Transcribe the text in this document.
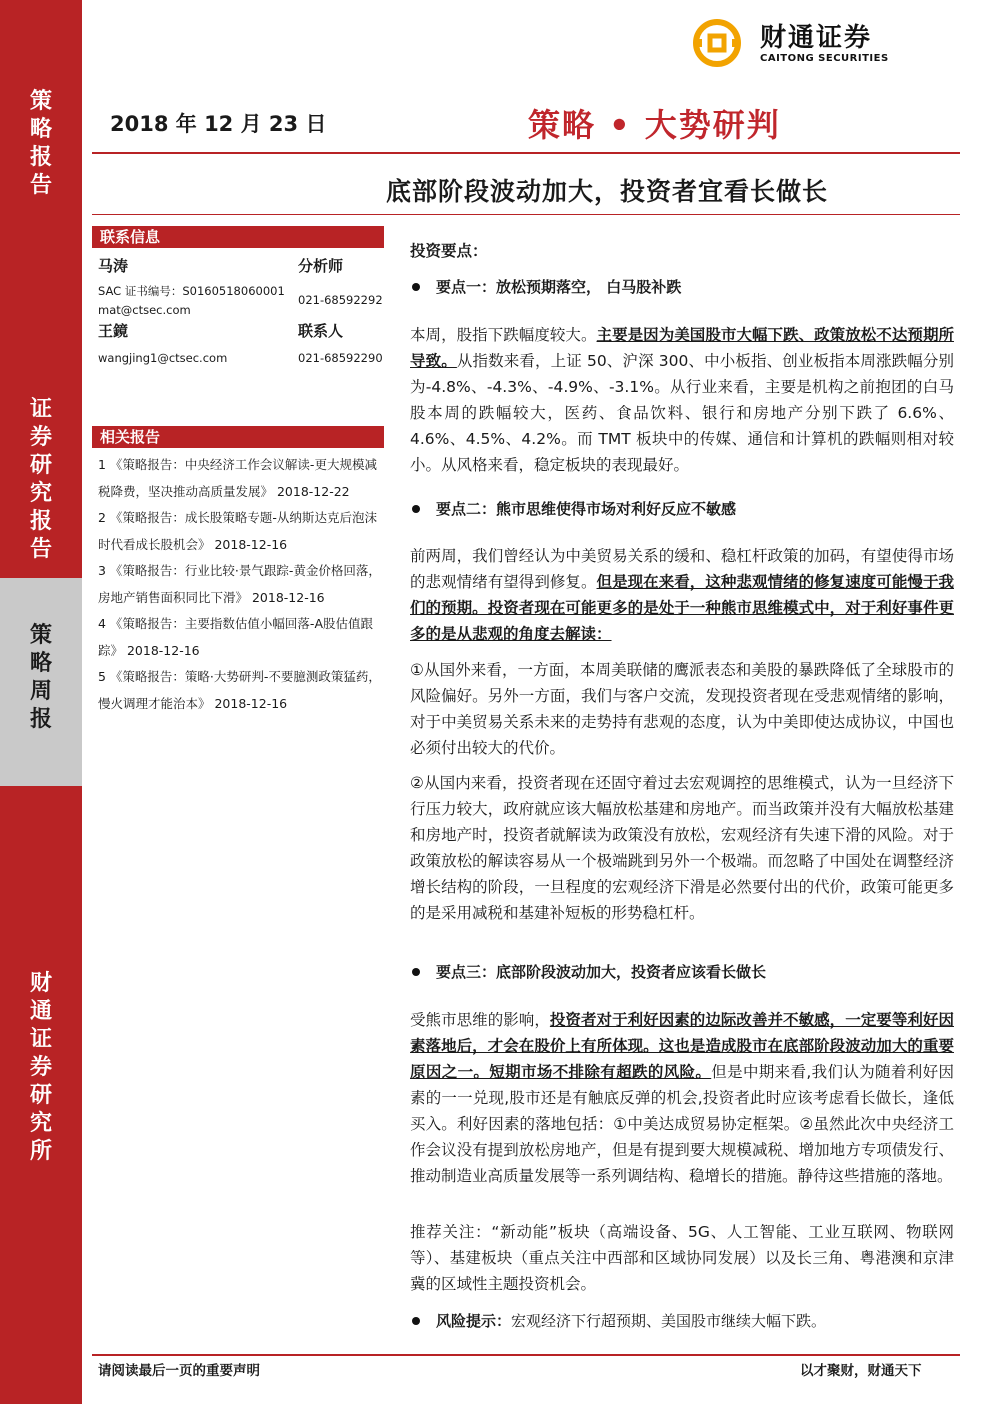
策
略
报
告
证
券
研
究
报
告
策
略
周
报
财
通
证
券
研
究
所
财通证券
CAITONG SECURITIES
2018 年 12 月 23 日	策略 • 大势研判
底部阶段波动加大，投资者宜看长做长
联系信息
马涛	分析师
SAC 证书编号：S0160518060001
mat@ctsec.com
021-68592292
王鏡	联系人
wangjing1@ctsec.com	021-68592290
相关报告
1 《策略报告：中央经济工作会议解读-更大规模减税降费，坚决推动高质量发展》 2018-12-22
2 《策略报告：成长股策略专题-从纳斯达克后泡沫时代看成长股机会》 2018-12-16
3 《策略报告：行业比较·景气跟踪-黄金价格回落，房地产销售面积同比下滑》 2018-12-16
4 《策略报告：主要指数估值小幅回落-A股估值跟踪》 2018-12-16
5 《策略报告：策略·大势研判-不要臆测政策猛药，慢火调理才能治本》 2018-12-16
投资要点：
要点一：放松预期落空， 白马股补跌

本周，股指下跌幅度较大。主要是因为美国股市大幅下跌、政策放松不达预期所导致。从指数来看，上证 50、沪深 300、中小板指、创业板指本周涨跌幅分别为-4.8%、-4.3%、-4.9%、-3.1%。从行业来看，主要是机构之前抱团的白马股本周的跌幅较大，医药、食品饮料、银行和房地产分别下跌了 6.6%、4.6%、4.5%、4.2%。而 TMT 板块中的传媒、通信和计算机的跌幅则相对较小。从风格来看，稳定板块的表现最好。

要点二：熊市思维使得市场对利好反应不敏感

前两周，我们曾经认为中美贸易关系的缓和、稳杠杆政策的加码，有望使得市场的悲观情绪有望得到修复。但是现在来看，这种悲观情绪的修复速度可能慢于我们的预期。投资者现在可能更多的是处于一种熊市思维模式中，对于利好事件更多的是从悲观的角度去解读：

①从国外来看，一方面，本周美联储的鹰派表态和美股的暴跌降低了全球股市的风险偏好。另外一方面，我们与客户交流，发现投资者现在受悲观情绪的影响，对于中美贸易关系未来的走势持有悲观的态度，认为中美即使达成协议，中国也必须付出较大的代价。
②从国内来看，投资者现在还固守着过去宏观调控的思维模式，认为一旦经济下行压力较大，政府就应该大幅放松基建和房地产。而当政策并没有大幅放松基建和房地产时，投资者就解读为政策没有放松，宏观经济有失速下滑的风险。对于政策放松的解读容易从一个极端跳到另外一个极端。而忽略了中国处在调整经济增长结构的阶段，一旦程度的宏观经济下滑是必然要付出的代价，政策可能更多的是采用减税和基建补短板的形势稳杠杆。
要点三：底部阶段波动加大，投资者应该看长做长

受熊市思维的影响，投资者对于利好因素的边际改善并不敏感，一定要等利好因素落地后，才会在股价上有所体现。这也是造成股市在底部阶段波动加大的重要原因之一。短期市场不排除有超跌的风险。但是中期来看,我们认为随着利好因素的一一兑现,股市还是有触底反弹的机会,投资者此时应该考虑看长做长，逢低买入。利好因素的落地包括：①中美达成贸易协定框架。②虽然此次中央经济工作会议没有提到放松房地产，但是有提到要大规模减税、增加地方专项债发行、推动制造业高质量发展等一系列调结构、稳增长的措施。静待这些措施的落地。

推荐关注：“新动能”板块（高端设备、5G、人工智能、工业互联网、物联网等）、基建板块（重点关注中西部和区域协同发展）以及长三角、粤港澳和京津冀的区域性主题投资机会。
风险提示： 宏观经济下行超预期、美国股市继续大幅下跌。
请阅读最后一页的重要声明	以才聚财，财通天下
